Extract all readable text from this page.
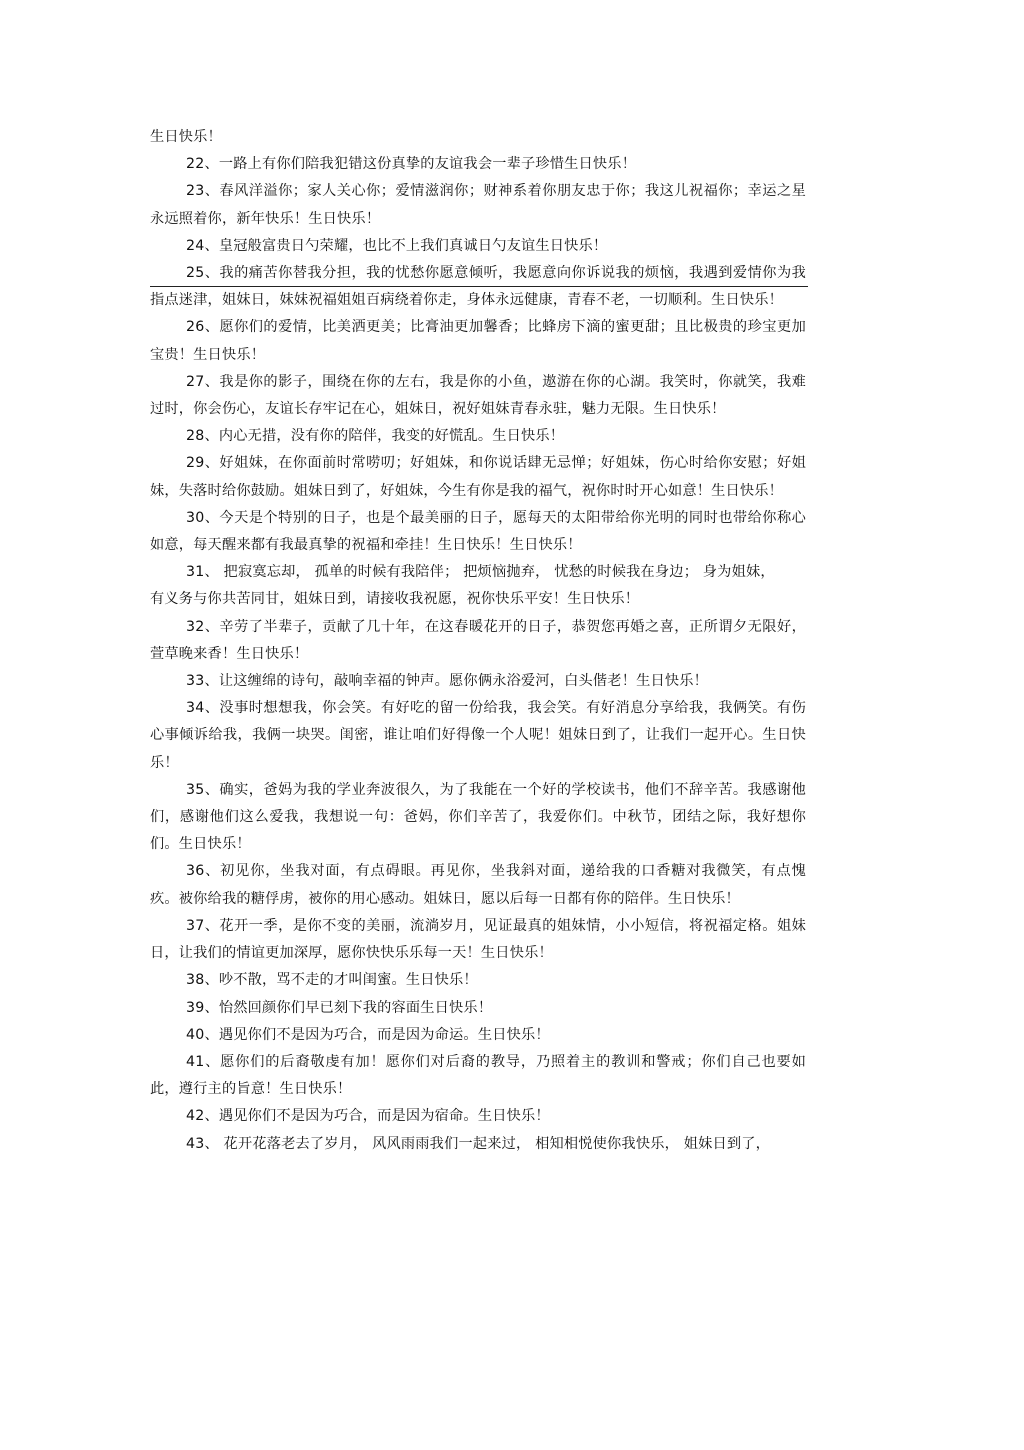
生日快乐！

22、一路上有你们陪我犯错这份真挚的友谊我会一辈子珍惜生日快乐！

23、春风洋溢你；家人关心你；爱情滋润你；财神系着你朋友忠于你；我这儿祝福你；幸运之星永远照着你，新年快乐！生日快乐！

24、皇冠般富贵日勺荣耀，也比不上我们真诚日勺友谊生日快乐！

25、我的痛苦你替我分担，我的忧愁你愿意倾听，我愿意向你诉说我的烦恼，我遇到爱情你为我指点迷津，姐妹日，妹妹祝福姐姐百病绕着你走，身体永远健康，青春不老，一切顺利。生日快乐！

26、愿你们的爱情，比美洒更美；比膏油更加馨香；比蜂房下滴的蜜更甜；且比极贵的珍宝更加宝贵！生日快乐！

27、我是你的影子，围绕在你的左右，我是你的小鱼，遨游在你的心湖。我笑时，你就笑，我难过时，你会伤心，友谊长存牢记在心，姐妹日，祝好姐妹青春永驻，魅力无限。生日快乐！

28、内心无措，没有你的陪伴，我变的好慌乱。生日快乐！

29、好姐妹，在你面前时常唠叨；好姐妹，和你说话肆无忌惮；好姐妹，伤心时给你安慰；好姐妹，失落时给你鼓励。姐妹日到了，好姐妹，今生有你是我的福气，祝你时时开心如意！生日快乐！

30、今天是个特别的日子，也是个最美丽的日子，愿每天的太阳带给你光明的同时也带给你称心如意，每天醒来都有我最真挚的祝福和牵挂！生日快乐！生日快乐！

31、 把寂寞忘却， 孤单的时候有我陪伴； 把烦恼抛弃， 忧愁的时候我在身边； 身为姐妹，

有义务与你共苦同甘，姐妹日到，请接收我祝愿，祝你快乐平安！生日快乐！

32、辛劳了半辈子，贡献了几十年，在这春暖花开的日子，恭贺您再婚之喜，正所谓夕无限好，萱草晚来香！生日快乐！

33、让这缠绵的诗句，敲响幸福的钟声。愿你俩永浴爱河，白头偕老！生日快乐！

34、没事时想想我，你会笑。有好吃的留一份给我，我会笑。有好消息分享给我，我俩笑。有伤心事倾诉给我，我俩一块哭。闺密，谁让咱们好得像一个人呢！姐妹日到了，让我们一起开心。生日快乐！

35、确实，爸妈为我的学业奔波很久，为了我能在一个好的学校读书，他们不辞辛苦。我感谢他们，感谢他们这么爱我，我想说一句：爸妈，你们辛苦了，我爱你们。中秋节，团结之际，我好想你们。生日快乐！

36、初见你，坐我对面，有点碍眼。再见你，坐我斜对面，递给我的口香糖对我微笑，有点愧疚。被你给我的糖俘虏，被你的用心感动。姐妹日，愿以后每一日都有你的陪伴。生日快乐！

37、花开一季，是你不变的美丽，流淌岁月，见证最真的姐妹情，小小短信，将祝福定格。姐妹日，让我们的情谊更加深厚，愿你快快乐乐每一天！生日快乐！

38、吵不散，骂不走的才叫闺蜜。生日快乐！

39、怡然回颜你们早已刻下我的容面生日快乐！

40、遇见你们不是因为巧合，而是因为命运。生日快乐！

41、愿你们的后裔敬虔有加！愿你们对后裔的教导，乃照着主的教训和警戒；你们自己也要如此，遵行主的旨意！生日快乐！

42、遇见你们不是因为巧合，而是因为宿命。生日快乐！

43、 花开花落老去了岁月， 风风雨雨我们一起来过， 相知相悦使你我快乐， 姐妹日到了，
